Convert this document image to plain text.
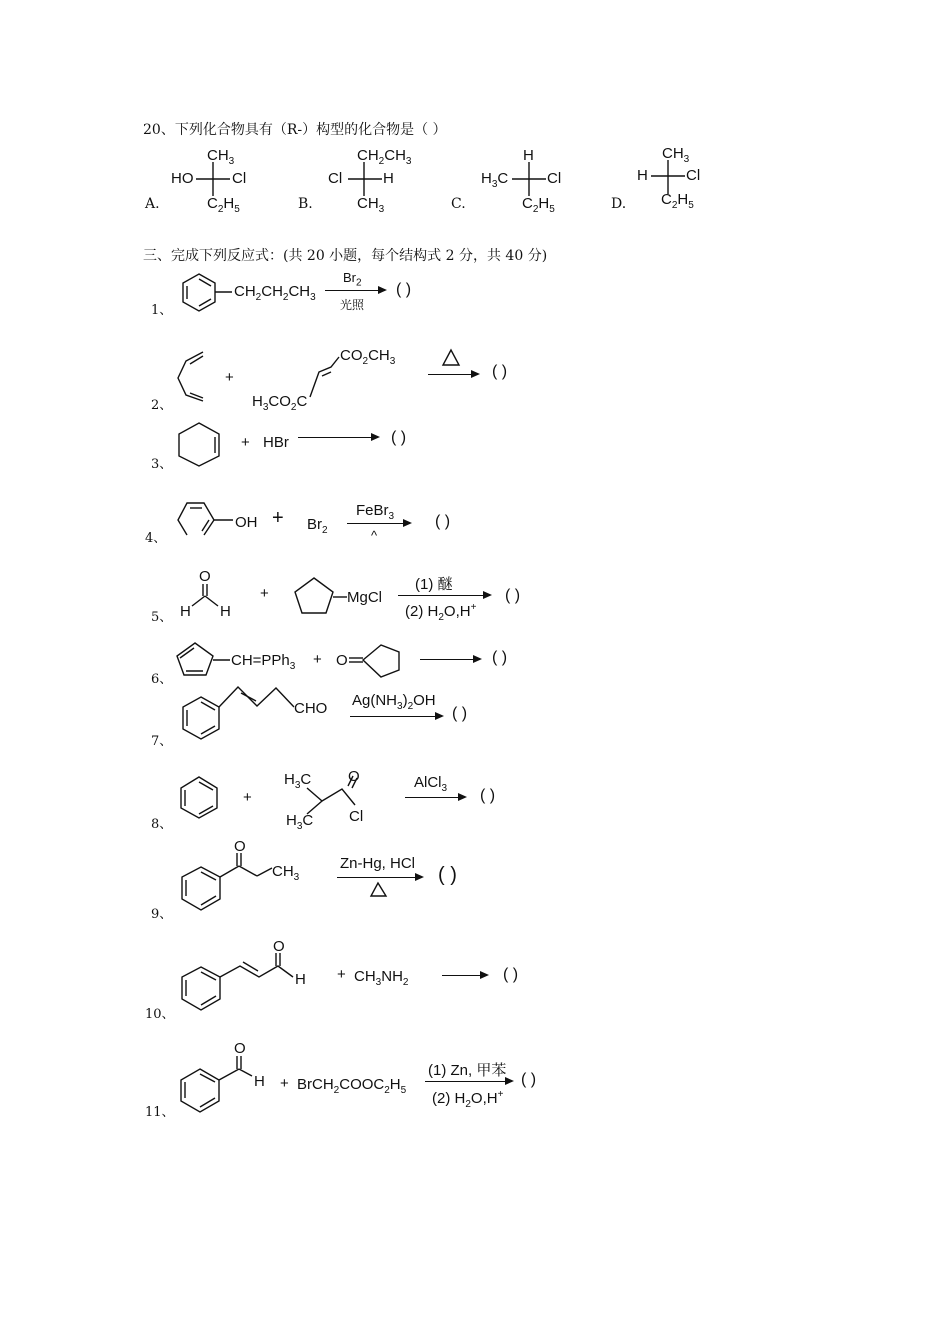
20、下列化合物具有（R-）构型的化合物是（ ）
$CH_3$
HO	Cl
$C_2H_5$
A.
$CH_2CH_3$
Cl	H
$CH_3$
B.
H
$H_3C$	Cl
$C_2H_5$
C.
$CH_3$
H	Cl
$C_2H_5$
D.
三、完成下列反应式：(共 20 小题，每个结构式 2 分，共 40 分)
1、
$CH_2CH_2CH_3$
$Br_2$
光照
( )
2、
+
$CO_2CH_3$
$H_3CO_2C$
→ ( )
3、
+ HBr	( )
4、
OH + $Br_2$
FeBr$_3$
^
( )
5、
O
H H
+	MgCl
(1) 醚
(2) $H_2O,H^+$
( )
6、
CH=PPh$_3$ + O	→ ( )
7、
CHO $Ag(NH_3)_2OH$
( )
8、
+
$H_3C$
$H_3C$
O
Cl
AlCl$_3$ → ( )
9、
O
$CH_3$
Zn-Hg, HCl
( )
10、
O
$H + CH_3NH_2$ → ( )
11、
O
$H + BrCH_2COOC_2H_5$
(1) Zn, 甲苯
(2) $H_2O,H^+$
( )
